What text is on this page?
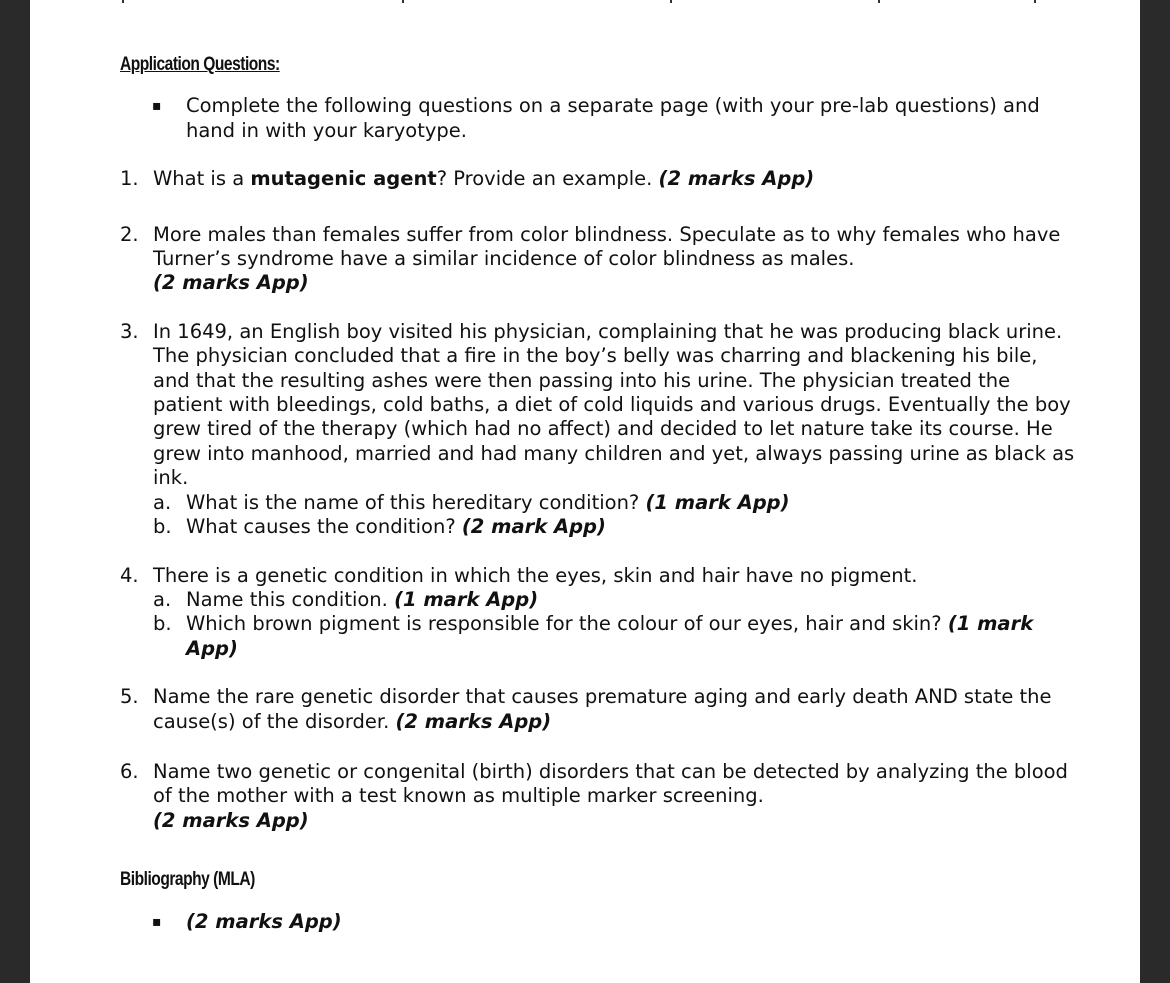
Application Questions:
▪ Complete the following questions on a separate page (with your pre-lab questions) and hand in with your karyotype.
1. What is a mutagenic agent? Provide an example. (2 marks App)
2. More males than females suffer from color blindness. Speculate as to why females who have Turner’s syndrome have a similar incidence of color blindness as males.
(2 marks App)
3. In 1649, an English boy visited his physician, complaining that he was producing black urine. The physician concluded that a fire in the boy’s belly was charring and blackening his bile, and that the resulting ashes were then passing into his urine. The physician treated the patient with bleedings, cold baths, a diet of cold liquids and various drugs. Eventually the boy grew tired of the therapy (which had no affect) and decided to let nature take its course. He grew into manhood, married and had many children and yet, always passing urine as black as ink.
a. What is the name of this hereditary condition? (1 mark App)
b. What causes the condition? (2 mark App)
4. There is a genetic condition in which the eyes, skin and hair have no pigment.
a. Name this condition. (1 mark App)
b. Which brown pigment is responsible for the colour of our eyes, hair and skin? (1 mark App)
5. Name the rare genetic disorder that causes premature aging and early death AND state the cause(s) of the disorder. (2 marks App)
6. Name two genetic or congenital (birth) disorders that can be detected by analyzing the blood of the mother with a test known as multiple marker screening.
(2 marks App)
Bibliography (MLA)
▪ (2 marks App)
